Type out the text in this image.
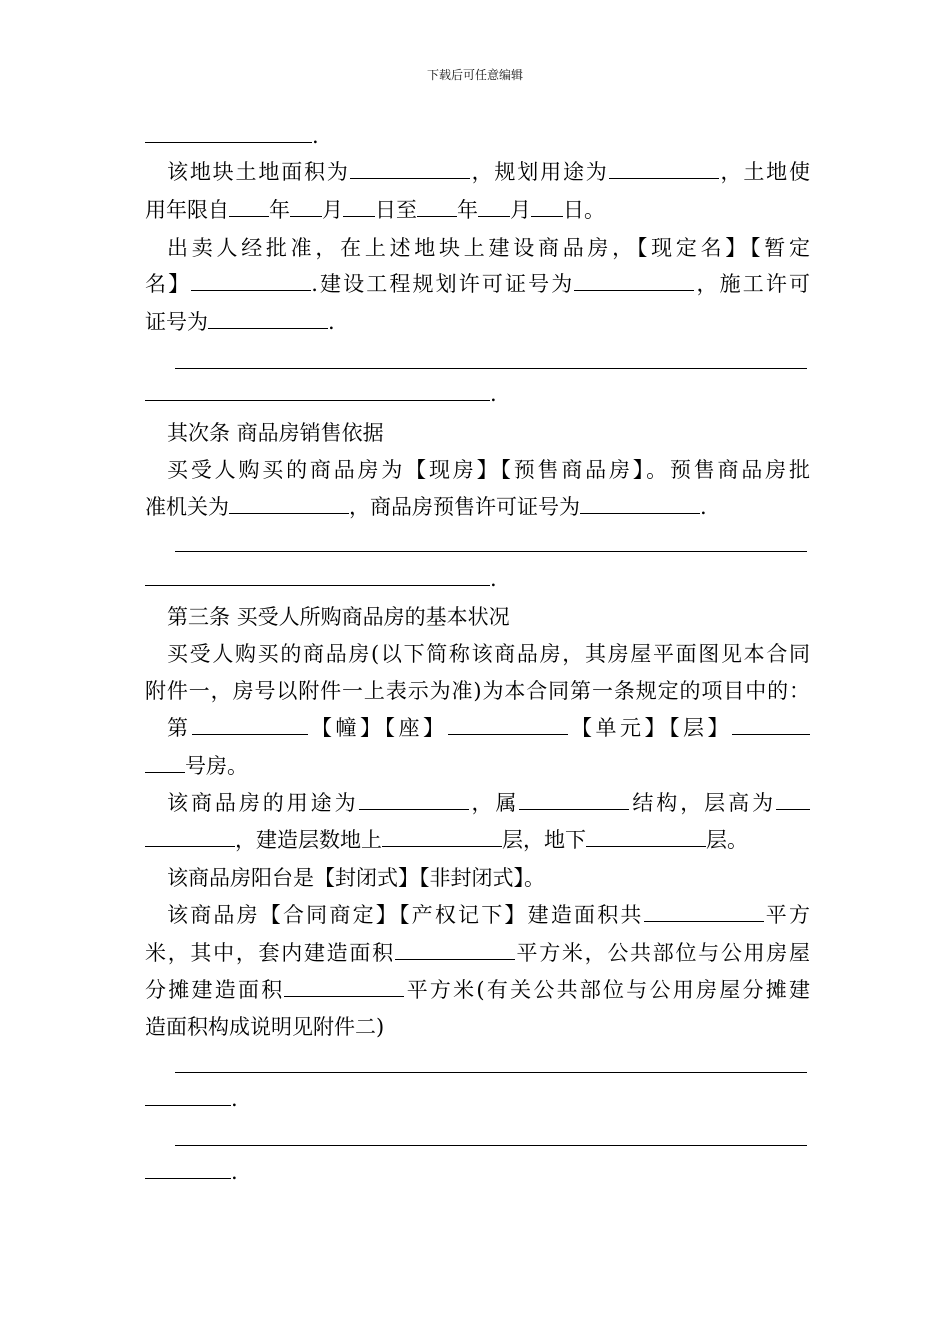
下载后可任意编辑
.
该地块土地面积为	，规划用途为	，土地使
用年限自 年 月 日至 年 月 日。
出卖人经批准，在上述地块上建设商品房，【现定名】【暂定
名】	.建设工程规划许可证号为	，施工许可
证号为	.
.
其次条 商品房销售依据
买受人购买的商品房为【现房】【预售商品房】。预售商品房批
准机关为	，商品房预售许可证号为	.
.
第三条 买受人所购商品房的基本状况
买受人购买的商品房(以下简称该商品房，其房屋平面图见本合同
附件一，房号以附件一上表示为准)为本合同第一条规定的项目中的：
第	【幢】【座】	【单元】【层】
号房。
该商品房的用途为	，属	结构，层高为
，建造层数地上	层，地下	层。
该商品房阳台是【封闭式】【非封闭式】。
该商品房【合同商定】【产权记下】建造面积共	平方
米，其中，套内建造面积	平方米，公共部位与公用房屋
分摊建造面积	平方米(有关公共部位与公用房屋分摊建
造面积构成说明见附件二)
.
.
